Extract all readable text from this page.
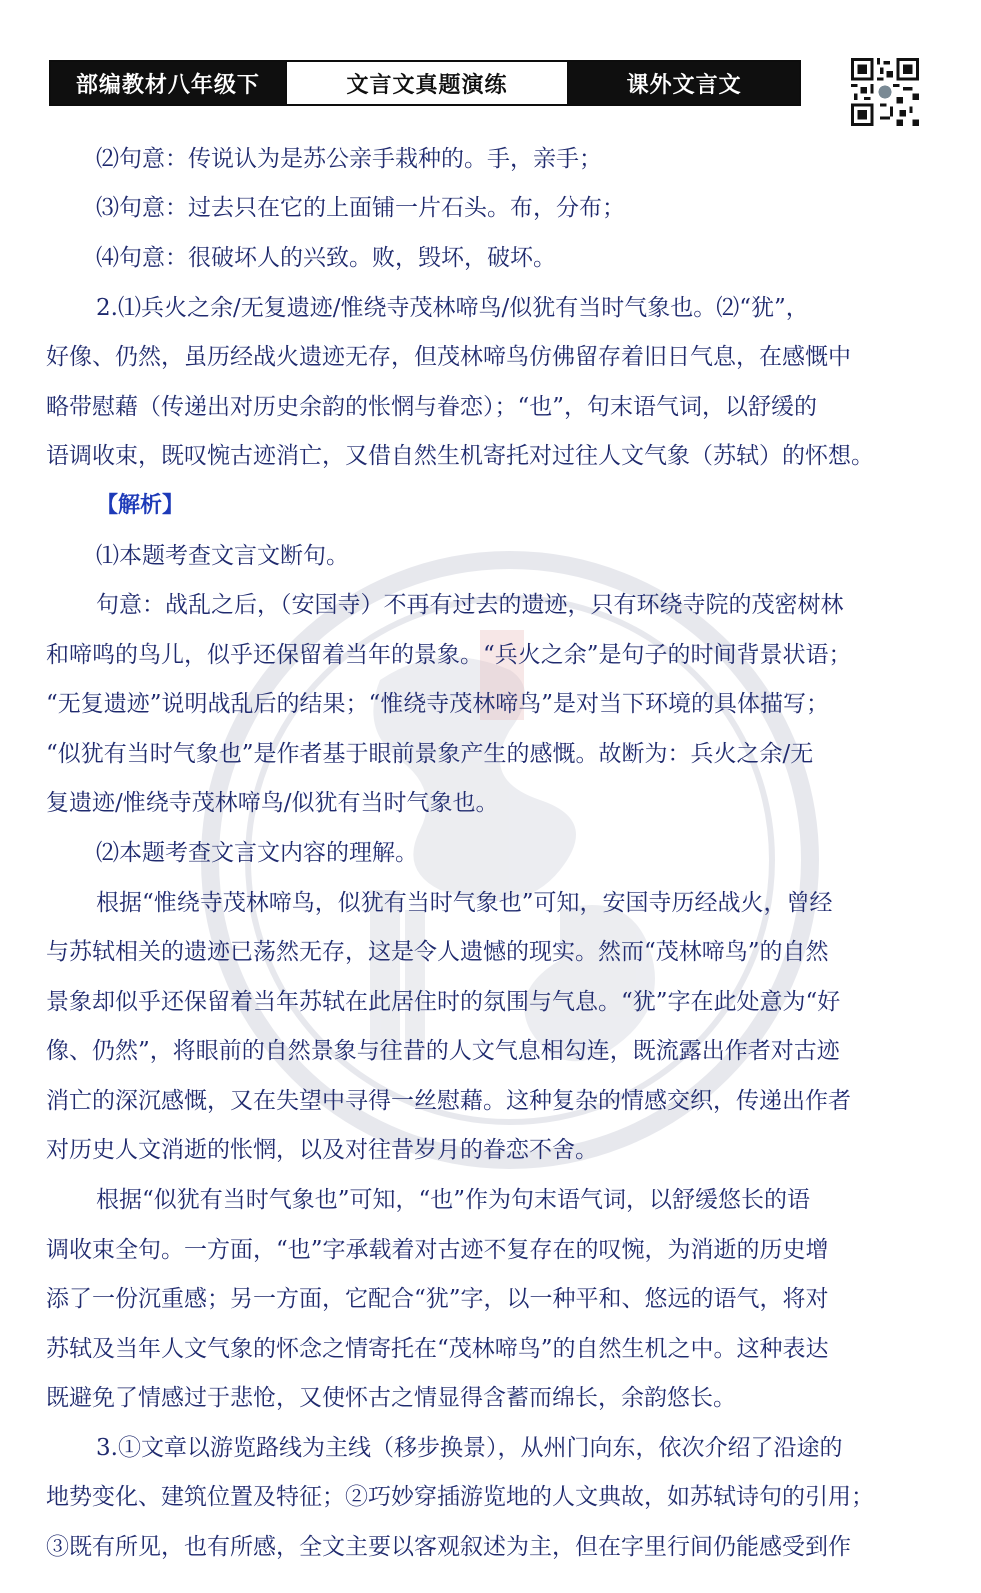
部编教材八年级下	文言文真题演练	课外文言文
⑵句意：传说认为是苏公亲手栽种的。手，亲手；
⑶句意：过去只在它的上面铺一片石头。布，分布；
⑷句意：很破坏人的兴致。败，毁坏，破坏。
2.⑴兵火之余/无复遗迹/惟绕寺茂林啼鸟/似犹有当时气象也。⑵“犹”，
好像、仍然，虽历经战火遗迹无存，但茂林啼鸟仿佛留存着旧日气息，在感慨中
略带慰藉（传递出对历史余韵的怅惘与眷恋）；“也”，句末语气词，以舒缓的
语调收束，既叹惋古迹消亡，又借自然生机寄托对过往人文气象（苏轼）的怀想。
【解析】
⑴本题考查文言文断句。
句意：战乱之后，（安国寺）不再有过去的遗迹，只有环绕寺院的茂密树林
和啼鸣的鸟儿，似乎还保留着当年的景象。“兵火之余”是句子的时间背景状语；
“无复遗迹”说明战乱后的结果；“惟绕寺茂林啼鸟”是对当下环境的具体描写；
“似犹有当时气象也”是作者基于眼前景象产生的感慨。故断为：兵火之余/无
复遗迹/惟绕寺茂林啼鸟/似犹有当时气象也。
⑵本题考查文言文内容的理解。
根据“惟绕寺茂林啼鸟，似犹有当时气象也”可知，安国寺历经战火，曾经
与苏轼相关的遗迹已荡然无存，这是令人遗憾的现实。然而“茂林啼鸟”的自然
景象却似乎还保留着当年苏轼在此居住时的氛围与气息。“犹”字在此处意为“好
像、仍然”，将眼前的自然景象与往昔的人文气息相勾连，既流露出作者对古迹
消亡的深沉感慨，又在失望中寻得一丝慰藉。这种复杂的情感交织，传递出作者
对历史人文消逝的怅惘，以及对往昔岁月的眷恋不舍。
根据“似犹有当时气象也”可知，“也”作为句末语气词，以舒缓悠长的语
调收束全句。一方面，“也”字承载着对古迹不复存在的叹惋，为消逝的历史增
添了一份沉重感；另一方面，它配合“犹”字，以一种平和、悠远的语气，将对
苏轼及当年人文气象的怀念之情寄托在“茂林啼鸟”的自然生机之中。这种表达
既避免了情感过于悲怆，又使怀古之情显得含蓄而绵长，余韵悠长。
3.①文章以游览路线为主线（移步换景），从州门向东，依次介绍了沿途的
地势变化、建筑位置及特征；②巧妙穿插游览地的人文典故，如苏轼诗句的引用；
③既有所见，也有所感，全文主要以客观叙述为主，但在字里行间仍能感受到作
